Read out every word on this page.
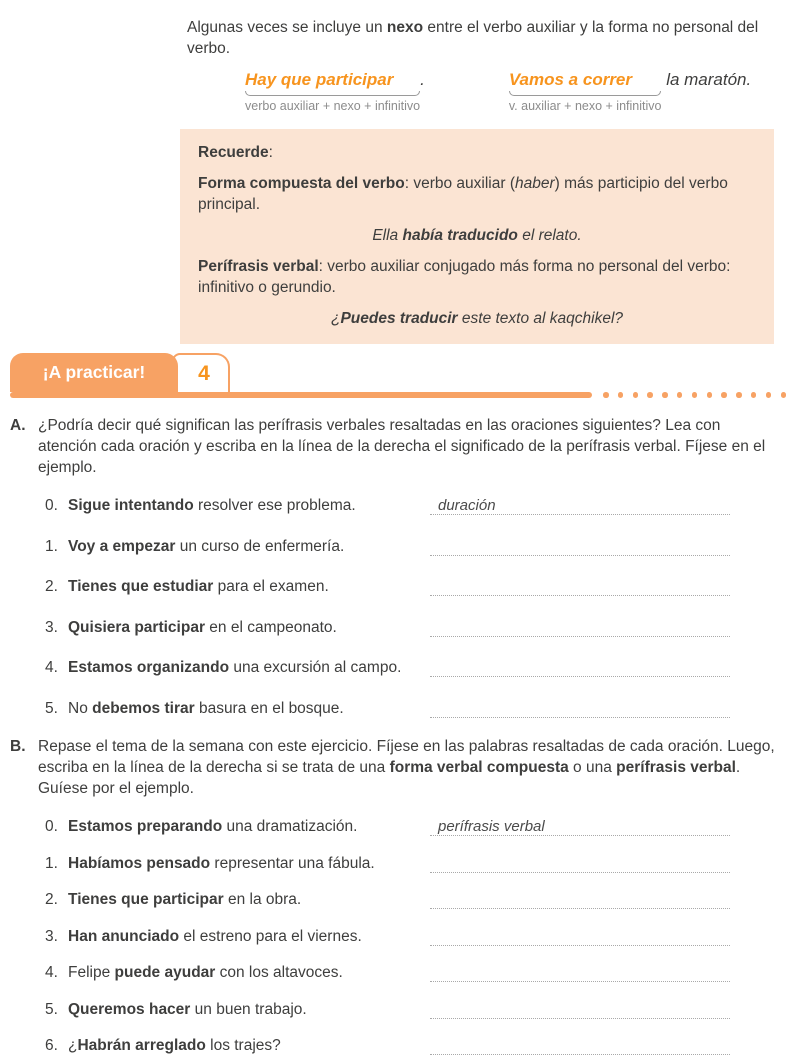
Algunas veces se incluye un nexo entre el verbo auxiliar y la forma no personal del verbo.

Hay que participar
verbo auxiliar + nexo + infinitivo
.	Vamos a correr
v. auxiliar + nexo + infinitivo
la maratón.

Recuerde:

Forma compuesta del verbo: verbo auxiliar (haber) más participio del verbo principal.

Ella había traducido el relato.

Perífrasis verbal: verbo auxiliar conjugado más forma no personal del verbo: infinitivo o gerundio.

¿Puedes traducir este texto al kaqchikel?

4
¡A practicar!
A. ¿Podría decir qué significan las perífrasis verbales resaltadas en las oraciones siguientes? Lea con atención cada oración y escriba en la línea de la derecha el significado de la perífrasis verbal. Fíjese en el ejemplo.
0. Sigue intentando resolver ese problema.	duración
1. Voy a empezar un curso de enfermería.
2. Tienes que estudiar para el examen.
3. Quisiera participar en el campeonato.
4. Estamos organizando una excursión al campo.
5. No debemos tirar basura en el bosque.
B. Repase el tema de la semana con este ejercicio. Fíjese en las palabras resaltadas de cada oración. Luego, escriba en la línea de la derecha si se trata de una forma verbal compuesta o una perífrasis verbal. Guíese por el ejemplo.
0. Estamos preparando una dramatización.	perífrasis verbal
1. Habíamos pensado representar una fábula.
2. Tienes que participar en la obra.
3. Han anunciado el estreno para el viernes.
4. Felipe puede ayudar con los altavoces.
5. Queremos hacer un buen trabajo.
6. ¿Habrán arreglado los trajes?
